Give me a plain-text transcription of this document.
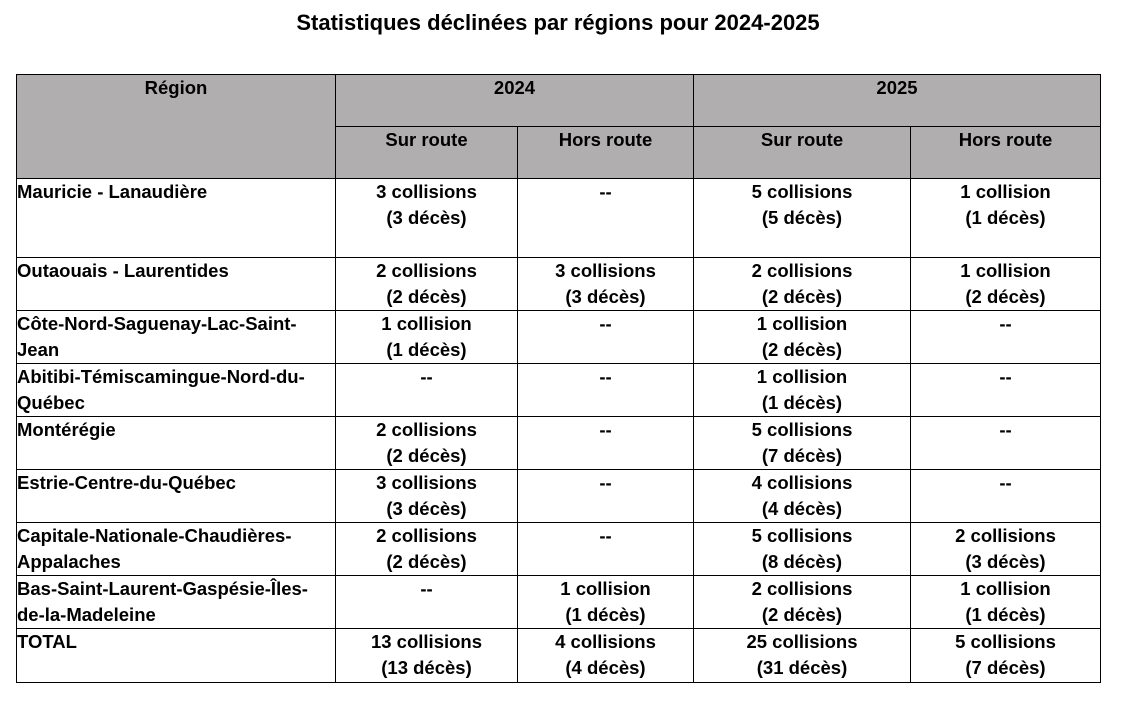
Statistiques déclinées par régions pour 2024-2025
Région	2024		2025	
	Sur route	Hors route	Sur route	Hors route
Mauricie - Lanaudière	3 collisions
(3 décès)	--	5 collisions
(5 décès)	1 collision
(1 décès)

Outaouais - Laurentides	2 collisions
(2 décès)	3 collisions
(3 décès)	2 collisions
(2 décès)	1 collision
(2 décès)

Côte-Nord-Saguenay-Lac-Saint-Jean	1 collision
(1 décès)	--	1 collision
(2 décès)	--

Abitibi-Témiscamingue-Nord-du-Québec	--	--	1 collision
(1 décès)	--

Montérégie	2 collisions
(2 décès)	--	5 collisions
(7 décès)	--

Estrie-Centre-du-Québec	3 collisions
(3 décès)	--	4 collisions
(4 décès)	--

Capitale-Nationale-Chaudières-Appalaches	2 collisions
(2 décès)	--	5 collisions
(8 décès)	2 collisions
(3 décès)

Bas-Saint-Laurent-Gaspésie-Îles-de-la-Madeleine	--	1 collision
(1 décès)	2 collisions
(2 décès)	1 collision
(1 décès)

TOTAL	13 collisions
(13 décès)	4 collisions
(4 décès)	25 collisions
(31 décès)	5 collisions
(7 décès)
